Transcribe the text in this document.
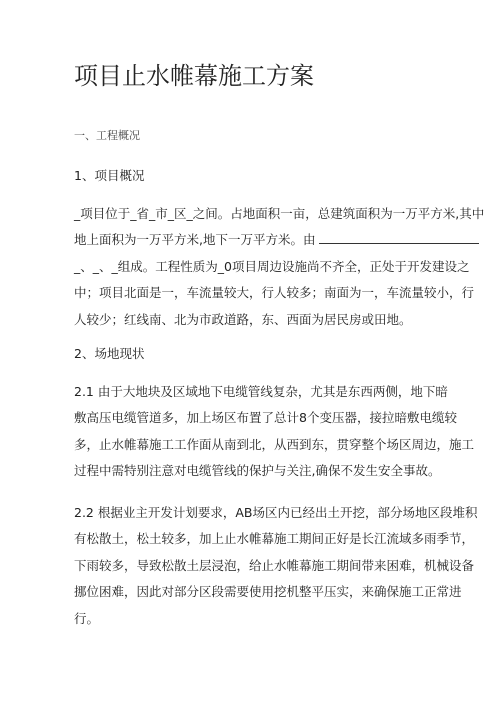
项目止水帷幕施工方案
一、工程概况
1、项目概况
_项目位于_省_市_区_之间。占地面积一亩，总建筑面积为一万平方米,其中
地上面积为一万平方米,地下一万平方米。由
_、_、_组成。工程性质为_0项目周边设施尚不齐全，正处于开发建设之
中；项目北面是一，车流量较大，行人较多；南面为一，车流量较小，行
人较少；红线南、北为市政道路，东、西面为居民房或田地。
2、场地现状
2.1 由于大地块及区域地下电缆管线复杂，尤其是东西两侧，地下暗
敷高压电缆管道多，加上场区布置了总计8个变压器，接拉暗敷电缆较
多，止水帷幕施工工作面从南到北，从西到东，贯穿整个场区周边，施工
过程中需特别注意对电缆管线的保护与关注,确保不发生安全事故。
2.2 根据业主开发计划要求，AB场区内已经出土开挖，部分场地区段堆积
有松散土，松土较多，加上止水帷幕施工期间正好是长江流域多雨季节，
下雨较多，导致松散土层浸泡，给止水帷幕施工期间带来困难，机械设备
挪位困难，因此对部分区段需要使用挖机整平压实，来确保施工正常进
行。
